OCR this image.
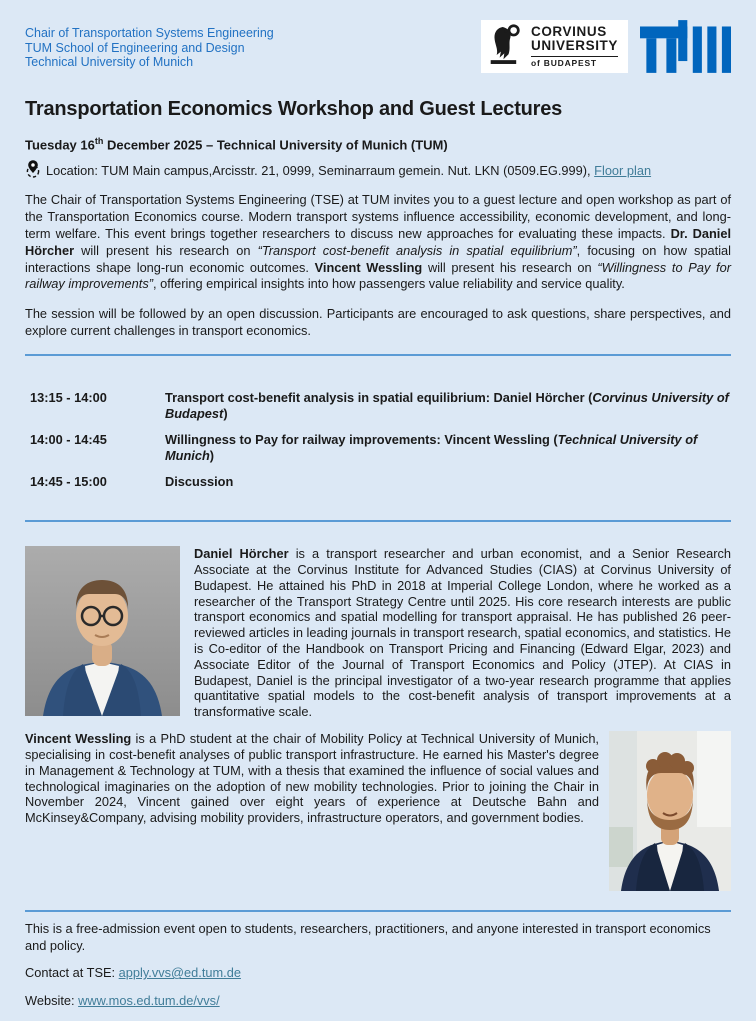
Chair of Transportation Systems Engineering
TUM School of Engineering and Design
Technical University of Munich
CORVINUS
UNIVERSITY
of BUDAPEST
Transportation Economics Workshop and Guest Lectures
Tuesday 16th December 2025 – Technical University of Munich (TUM)
Location: TUM Main campus,Arcisstr. 21, 0999, Seminarraum gemein. Nut. LKN (0509.EG.999), Floor plan

The Chair of Transportation Systems Engineering (TSE) at TUM invites you to a guest lecture and open workshop as part of the Transportation Economics course. Modern transport systems influence accessibility, economic development, and long-term welfare. This event brings together researchers to discuss new approaches for evaluating these impacts. Dr. Daniel Hörcher will present his research on “Transport cost-benefit analysis in spatial equilibrium”, focusing on how spatial interactions shape long-run economic outcomes. Vincent Wessling will present his research on “Willingness to Pay for railway improvements”, offering empirical insights into how passengers value reliability and service quality.

The session will be followed by an open discussion. Participants are encouraged to ask questions, share perspectives, and explore current challenges in transport economics.

13:15 - 14:00	Transport cost-benefit analysis in spatial equilibrium: Daniel Hörcher (Corvinus University of Budapest)
14:00 - 14:45	Willingness to Pay for railway improvements: Vincent Wessling (Technical University of Munich)
14:45 - 15:00	Discussion

Daniel Hörcher is a transport researcher and urban economist, and a Senior Research Associate at the Corvinus Institute for Advanced Studies (CIAS) at Corvinus University of Budapest. He attained his PhD in 2018 at Imperial College London, where he worked as a researcher of the Transport Strategy Centre until 2025. His core research interests are public transport economics and spatial modelling for transport appraisal. He has published 26 peer-reviewed articles in leading journals in transport research, spatial economics, and statistics. He is Co-editor of the Handbook on Transport Pricing and Financing (Edward Elgar, 2023) and Associate Editor of the Journal of Transport Economics and Policy (JTEP). At CIAS in Budapest, Daniel is the principal investigator of a two-year research programme that applies quantitative spatial models to the cost-benefit analysis of transport improvements at a transformative scale.

Vincent Wessling is a PhD student at the chair of Mobility Policy at Technical University of Munich, specialising in cost-benefit analyses of public transport infrastructure. He earned his Master's degree in Management & Technology at TUM, with a thesis that examined the influence of social values and technological imaginaries on the adoption of new mobility technologies. Prior to joining the Chair in November 2024, Vincent gained over eight years of experience at Deutsche Bahn and McKinsey&Company, advising mobility providers, infrastructure operators, and government bodies.

This is a free-admission event open to students, researchers, practitioners, and anyone interested in transport economics and policy.

Contact at TSE: apply.vvs@ed.tum.de

Website: www.mos.ed.tum.de/vvs/
